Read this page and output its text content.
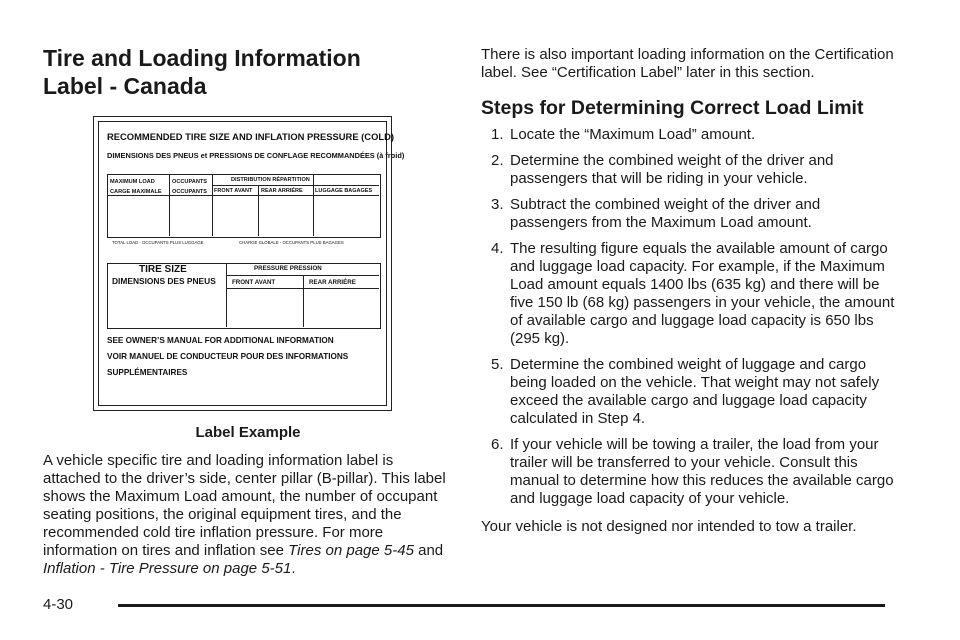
Tire and Loading Information
Label - Canada
RECOMMENDED TIRE SIZE AND INFLATION PRESSURE (COLD)
DIMENSIONS DES PNEUS et PRESSIONS DE CONFLAGE RECOMMANDÉES (à froid)
MAXIMUM LOAD
CARGE MAXIMALE
OCCUPANTS
OCCUPANTS
DISTRIBUTION RÉPARTITION
FRONT AVANT REAR ARRIÉRE LUGGAGE BAGAGES
TOTAL LOAD - OCCUPANTS PLUS LUGGAGE	CHARGE GLOBALE - OCCUPANTS PLUS BAGAGES
TIRE SIZE
DIMENSIONS DES PNEUS
PRESSURE PRESSION
FRONT AVANT	REAR ARRIÉRE
SEE OWNER’S MANUAL FOR ADDITIONAL INFORMATION
VOIR MANUEL DE CONDUCTEUR POUR DES INFORMATIONS
SUPPLÉMENTAIRES
Label Example

A vehicle specific tire and loading information label is attached to the driver’s side, center pillar (B-pillar). This label shows the Maximum Load amount, the number of occupant seating positions, the original equipment tires, and the recommended cold tire inflation pressure. For more information on tires and inflation see Tires on page 5-45 and Inflation - Tire Pressure on page 5-51.

There is also important loading information on the Certification label. See “Certification Label” later in this section.

Steps for Determining Correct Load Limit
1. Locate the “Maximum Load” amount.
2. Determine the combined weight of the driver and passengers that will be riding in your vehicle.
3. Subtract the combined weight of the driver and passengers from the Maximum Load amount.
4. The resulting figure equals the available amount of cargo and luggage load capacity. For example, if the Maximum Load amount equals 1400 lbs (635 kg) and there will be five 150 lb (68 kg) passengers in your vehicle, the amount of available cargo and luggage load capacity is 650 lbs (295 kg).
5. Determine the combined weight of luggage and cargo being loaded on the vehicle. That weight may not safely exceed the available cargo and luggage load capacity calculated in Step 4.
6. If your vehicle will be towing a trailer, the load from your trailer will be transferred to your vehicle. Consult this manual to determine how this reduces the available cargo and luggage load capacity of your vehicle.

Your vehicle is not designed nor intended to tow a trailer.

4-30
